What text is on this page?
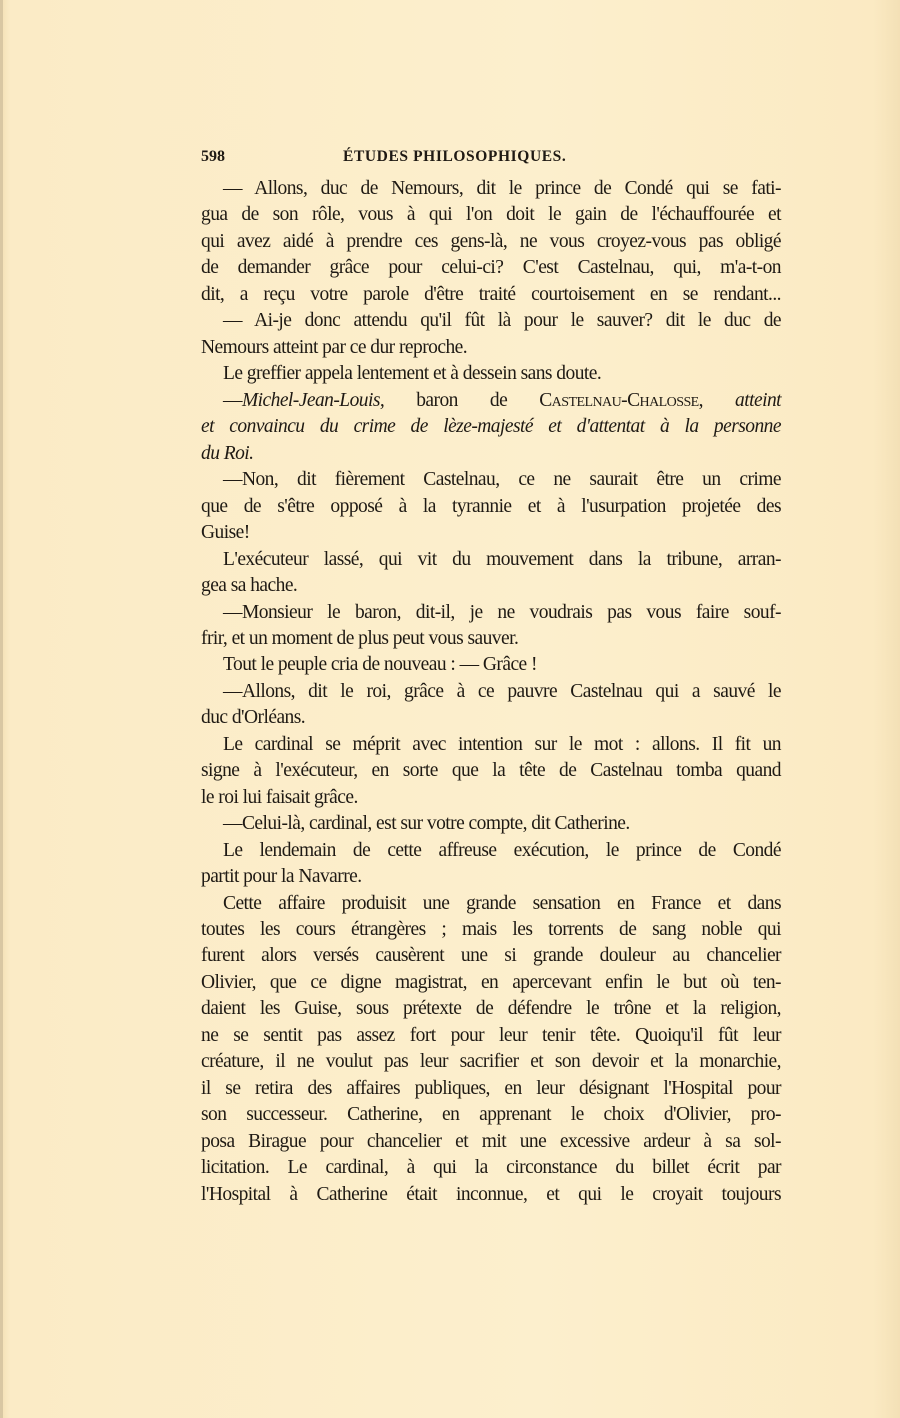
598	ÉTUDES PHILOSOPHIQUES.
— Allons, duc de Nemours, dit le prince de Condé qui se fati-
gua de son rôle, vous à qui l'on doit le gain de l'échauffourée et
qui avez aidé à prendre ces gens-là, ne vous croyez-vous pas obligé
de demander grâce pour celui-ci? C'est Castelnau, qui, m'a-t-on
dit, a reçu votre parole d'être traité courtoisement en se rendant...
— Ai-je donc attendu qu'il fût là pour le sauver? dit le duc de
Nemours atteint par ce dur reproche.
Le greffier appela lentement et à dessein sans doute.
—Michel-Jean-Louis, baron de Castelnau-Chalosse, atteint
et convaincu du crime de lèze-majesté et d'attentat à la personne
du Roi.
—Non, dit fièrement Castelnau, ce ne saurait être un crime
que de s'être opposé à la tyrannie et à l'usurpation projetée des
Guise!
L'exécuteur lassé, qui vit du mouvement dans la tribune, arran-
gea sa hache.
—Monsieur le baron, dit-il, je ne voudrais pas vous faire souf-
frir, et un moment de plus peut vous sauver.
Tout le peuple cria de nouveau : — Grâce !
—Allons, dit le roi, grâce à ce pauvre Castelnau qui a sauvé le
duc d'Orléans.
Le cardinal se méprit avec intention sur le mot : allons. Il fit un
signe à l'exécuteur, en sorte que la tête de Castelnau tomba quand
le roi lui faisait grâce.
—Celui-là, cardinal, est sur votre compte, dit Catherine.
Le lendemain de cette affreuse exécution, le prince de Condé
partit pour la Navarre.
Cette affaire produisit une grande sensation en France et dans
toutes les cours étrangères ; mais les torrents de sang noble qui
furent alors versés causèrent une si grande douleur au chancelier
Olivier, que ce digne magistrat, en apercevant enfin le but où ten-
daient les Guise, sous prétexte de défendre le trône et la religion,
ne se sentit pas assez fort pour leur tenir tête. Quoiqu'il fût leur
créature, il ne voulut pas leur sacrifier et son devoir et la monarchie,
il se retira des affaires publiques, en leur désignant l'Hospital pour
son successeur. Catherine, en apprenant le choix d'Olivier, pro-
posa Birague pour chancelier et mit une excessive ardeur à sa sol-
licitation. Le cardinal, à qui la circonstance du billet écrit par
l'Hospital à Catherine était inconnue, et qui le croyait toujours
